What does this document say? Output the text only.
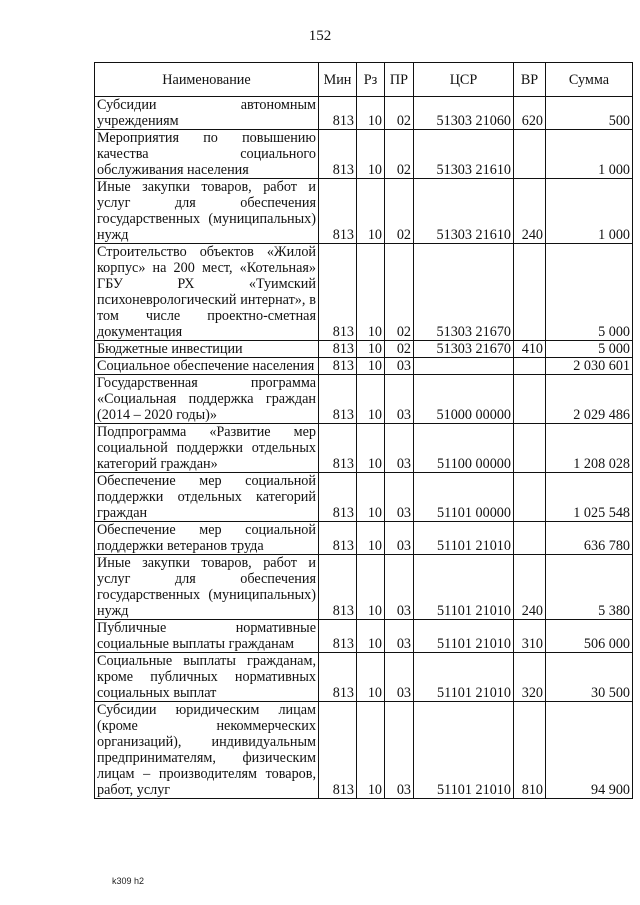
152
Наименование	Мин	Рз	ПР	ЦСР	ВР	Сумма
Субсидии автономным учреждениям	813	10	02	51303 21060	620	500
Мероприятия по повышению качества социального обслуживания населения	813	10	02	51303 21610		1 000
Иные закупки товаров, работ и услуг для обеспечения государственных (муниципальных) нужд	813	10	02	51303 21610	240	1 000
Строительство объектов «Жилой корпус» на 200 мест, «Котельная» ГБУ РХ «Туимский психоневрологический интернат», в том числе проектно-сметная документация	813	10	02	51303 21670		5 000
Бюджетные инвестиции	813	10	02	51303 21670	410	5 000
Социальное обеспечение населения	813	10	03			2 030 601
Государственная программа «Социальная поддержка граждан (2014 – 2020 годы)»	813	10	03	51000 00000		2 029 486
Подпрограмма «Развитие мер социальной поддержки отдельных категорий граждан»	813	10	03	51100 00000		1 208 028
Обеспечение мер социальной поддержки отдельных категорий граждан	813	10	03	51101 00000		1 025 548
Обеспечение мер социальной поддержки ветеранов труда	813	10	03	51101 21010		636 780
Иные закупки товаров, работ и услуг для обеспечения государственных (муниципальных) нужд	813	10	03	51101 21010	240	5 380
Публичные нормативные социальные выплаты гражданам	813	10	03	51101 21010	310	506 000
Социальные выплаты гражданам, кроме публичных нормативных социальных выплат	813	10	03	51101 21010	320	30 500
Субсидии юридическим лицам (кроме некоммерческих организаций), индивидуальным предпринимателям, физическим лицам – производителям товаров, работ, услуг	813	10	03	51101 21010	810	94 900
k309 h2
